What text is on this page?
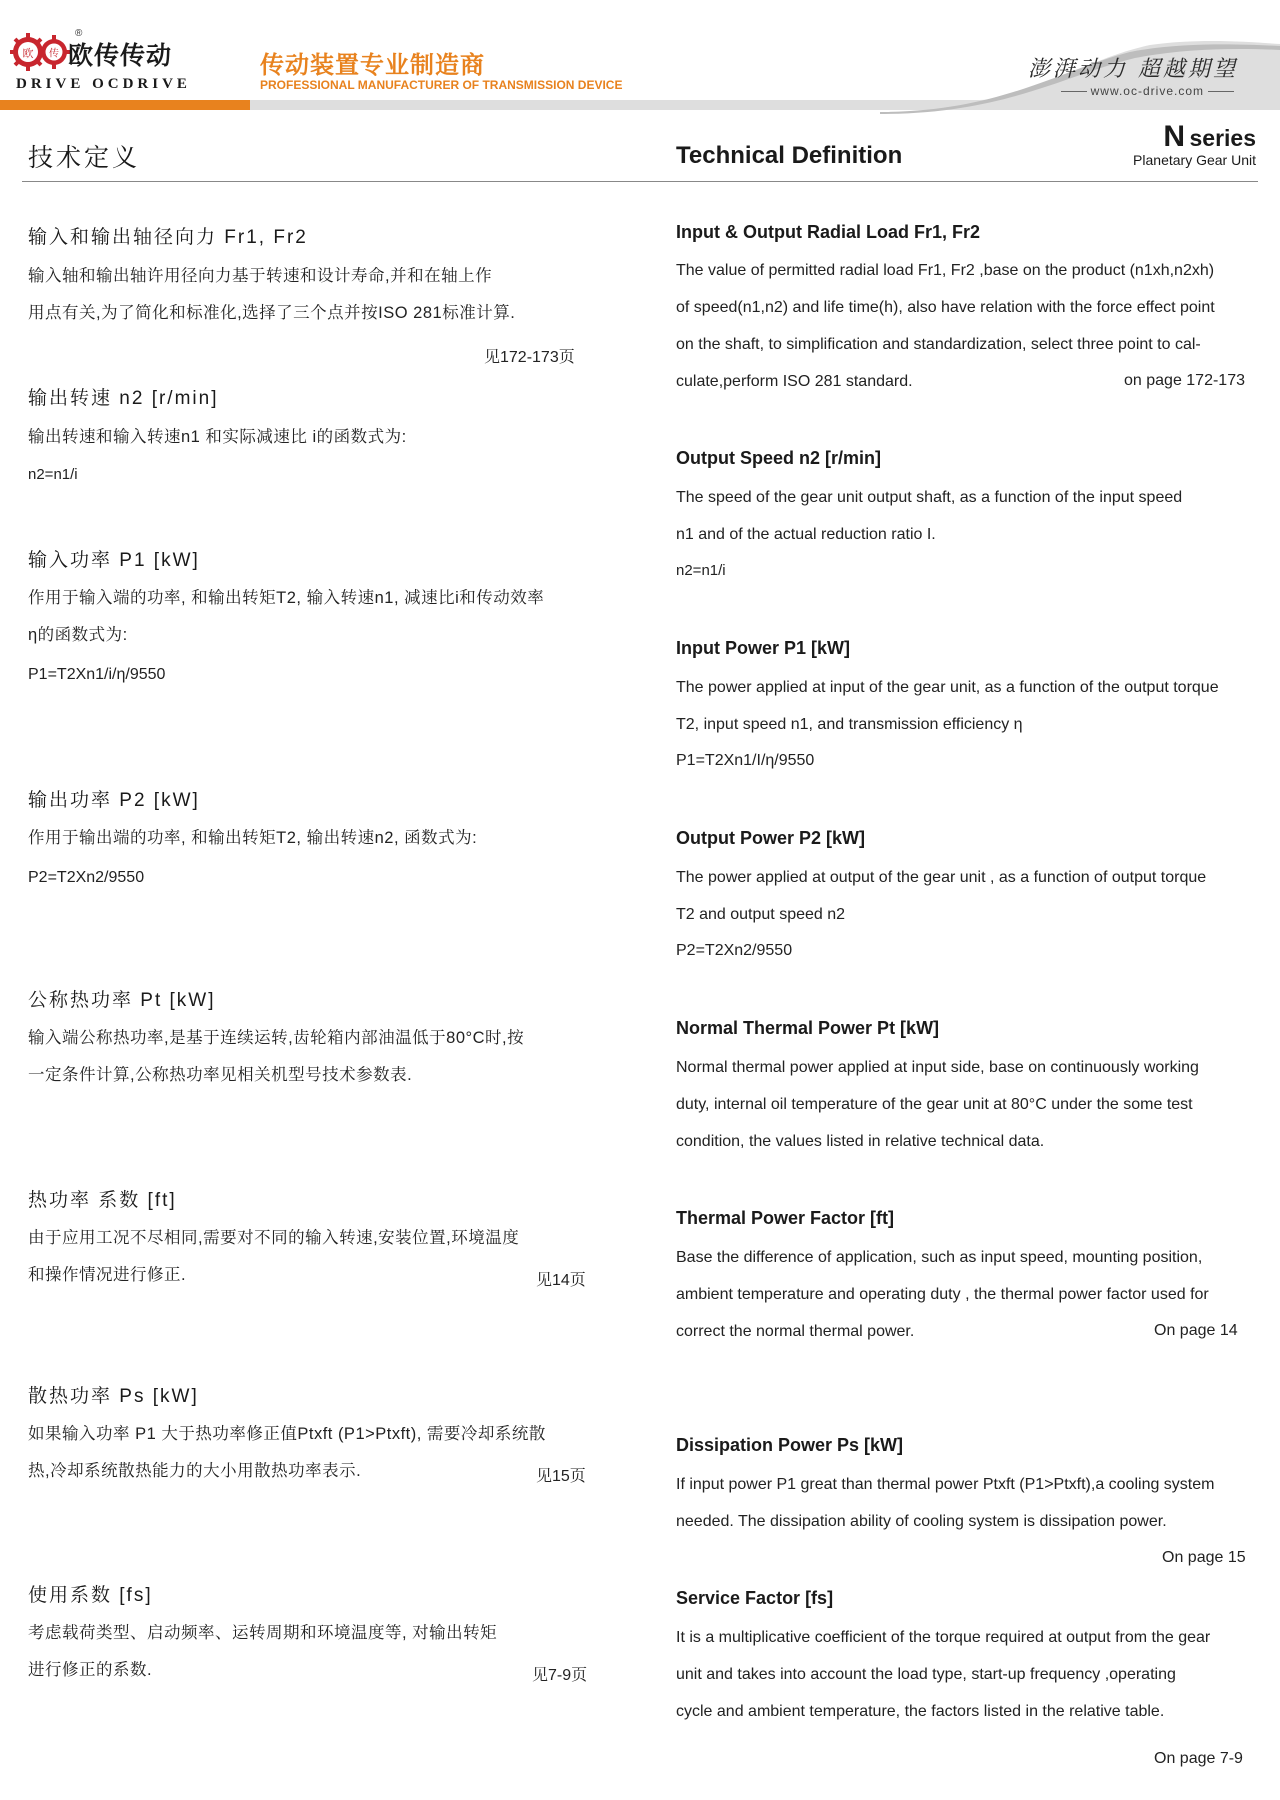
欧 传
®
欧传传动
DRIVE OCDRIVE
传动装置专业制造商
PROFESSIONAL MANUFACTURER OF TRANSMISSION DEVICE
澎湃动力 超越期望
www.oc-drive.com
技术定义	Technical Definition
N series
Planetary Gear Unit
输入和输出轴径向力 Fr1, Fr2
输入轴和输出轴许用径向力基于转速和设计寿命,并和在轴上作
用点有关,为了简化和标准化,选择了三个点并按ISO 281标准计算.
见172-173页
输出转速 n2 [r/min]
输出转速和输入转速n1 和实际减速比 i的函数式为:
n2=n1/i
输入功率 P1 [kW]
作用于输入端的功率, 和输出转矩T2, 输入转速n1, 减速比i和传动效率
η的函数式为:
P1=T2Xn1/i/η/9550
输出功率 P2 [kW]
作用于输出端的功率, 和输出转矩T2, 输出转速n2, 函数式为:
P2=T2Xn2/9550
公称热功率 Pt [kW]
输入端公称热功率,是基于连续运转,齿轮箱内部油温低于80°C时,按
一定条件计算,公称热功率见相关机型号技术参数表.
热功率 系数 [ft]
由于应用工况不尽相同,需要对不同的输入转速,安装位置,环境温度
和操作情况进行修正.	见14页
散热功率 Ps [kW]
如果输入功率 P1 大于热功率修正值Ptxft (P1>Ptxft), 需要冷却系统散
热,冷却系统散热能力的大小用散热功率表示.	见15页
使用系数 [fs]
考虑载荷类型、启动频率、运转周期和环境温度等, 对输出转矩
进行修正的系数.	见7-9页
Input & Output Radial Load Fr1, Fr2
The value of permitted radial load Fr1, Fr2 ,base on the product (n1xh,n2xh)
of speed(n1,n2) and life time(h), also have relation with the force effect point
on the shaft, to simplification and standardization, select three point to cal-
culate,perform ISO 281 standard.	on page 172-173
Output Speed n2 [r/min]
The speed of the gear unit output shaft, as a function of the input speed
n1 and of the actual reduction ratio I.
n2=n1/i
Input Power P1 [kW]
The power applied at input of the gear unit, as a function of the output torque
T2, input speed n1, and transmission efficiency η
P1=T2Xn1/I/η/9550
Output Power P2 [kW]
The power applied at output of the gear unit , as a function of output torque
T2 and output speed n2
P2=T2Xn2/9550
Normal Thermal Power Pt [kW]
Normal thermal power applied at input side, base on continuously working
duty, internal oil temperature of the gear unit at 80°C under the some test
condition, the values listed in relative technical data.
Thermal Power Factor [ft]
Base the difference of application, such as input speed, mounting position,
ambient temperature and operating duty , the thermal power factor used for
correct the normal thermal power.	On page 14
Dissipation Power Ps [kW]
If input power P1 great than thermal power Ptxft (P1>Ptxft),a cooling system
needed. The dissipation ability of cooling system is dissipation power.
On page 15
Service Factor [fs]
It is a multiplicative coefficient of the torque required at output from the gear
unit and takes into account the load type, start-up frequency ,operating
cycle and ambient temperature, the factors listed in the relative table.
On page 7-9
